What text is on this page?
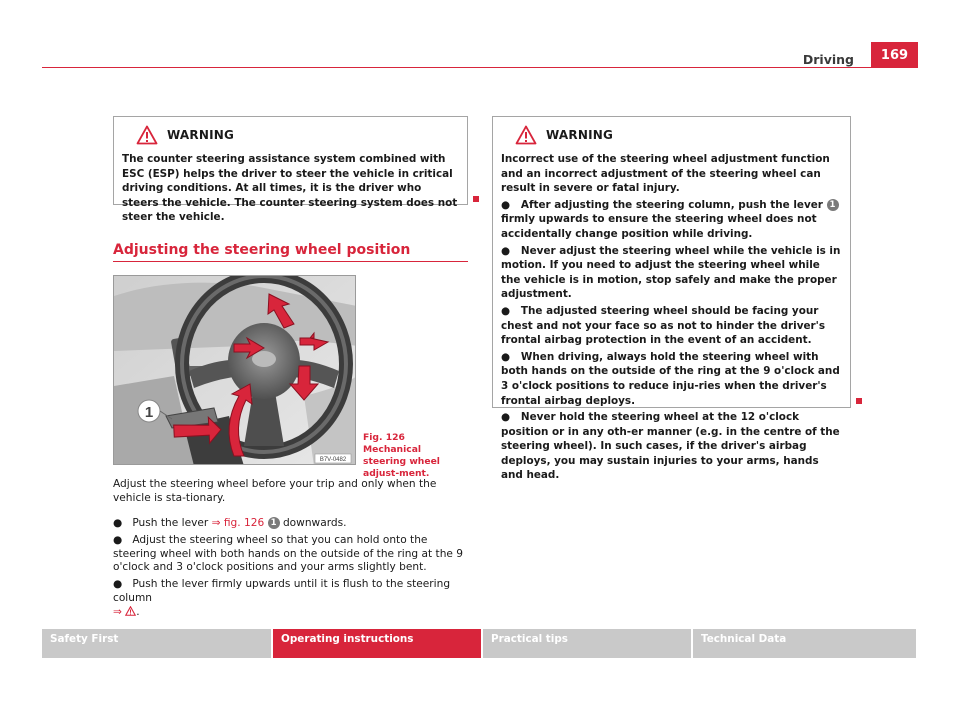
Driving	169
WARNING
The counter steering assistance system combined with ESC (ESP) helps the driver to steer the vehicle in critical driving conditions. At all times, it is the driver who steers the vehicle. The counter steering system does not steer the vehicle.
Adjusting the steering wheel position
1
B7V-0482
Fig. 126 Mechanical steering wheel adjust-ment.
Adjust the steering wheel before your trip and only when the vehicle is sta-tionary.
●   Push the lever ⇒ fig. 126 1 downwards.
●   Adjust the steering wheel so that you can hold onto the steering wheel with both hands on the outside of the ring at the 9 o'clock and 3 o'clock positions and your arms slightly bent.
●   Push the lever firmly upwards until it is flush to the steering column
⇒ .
WARNING
Incorrect use of the steering wheel adjustment function and an incorrect adjustment of the steering wheel can result in severe or fatal injury.
●   After adjusting the steering column, push the lever 1 firmly upwards to ensure the steering wheel does not accidentally change position while driving.
●   Never adjust the steering wheel while the vehicle is in motion. If you need to adjust the steering wheel while the vehicle is in motion, stop safely and make the proper adjustment.
●   The adjusted steering wheel should be facing your chest and not your face so as not to hinder the driver's frontal airbag protection in the event of an accident.
●   When driving, always hold the steering wheel with both hands on the outside of the ring at the 9 o'clock and 3 o'clock positions to reduce inju-ries when the driver's frontal airbag deploys.
●   Never hold the steering wheel at the 12 o'clock position or in any oth-er manner (e.g. in the centre of the steering wheel). In such cases, if the driver's airbag deploys, you may sustain injuries to your arms, hands and head.
Safety First	Operating instructions	Practical tips	Technical Data
